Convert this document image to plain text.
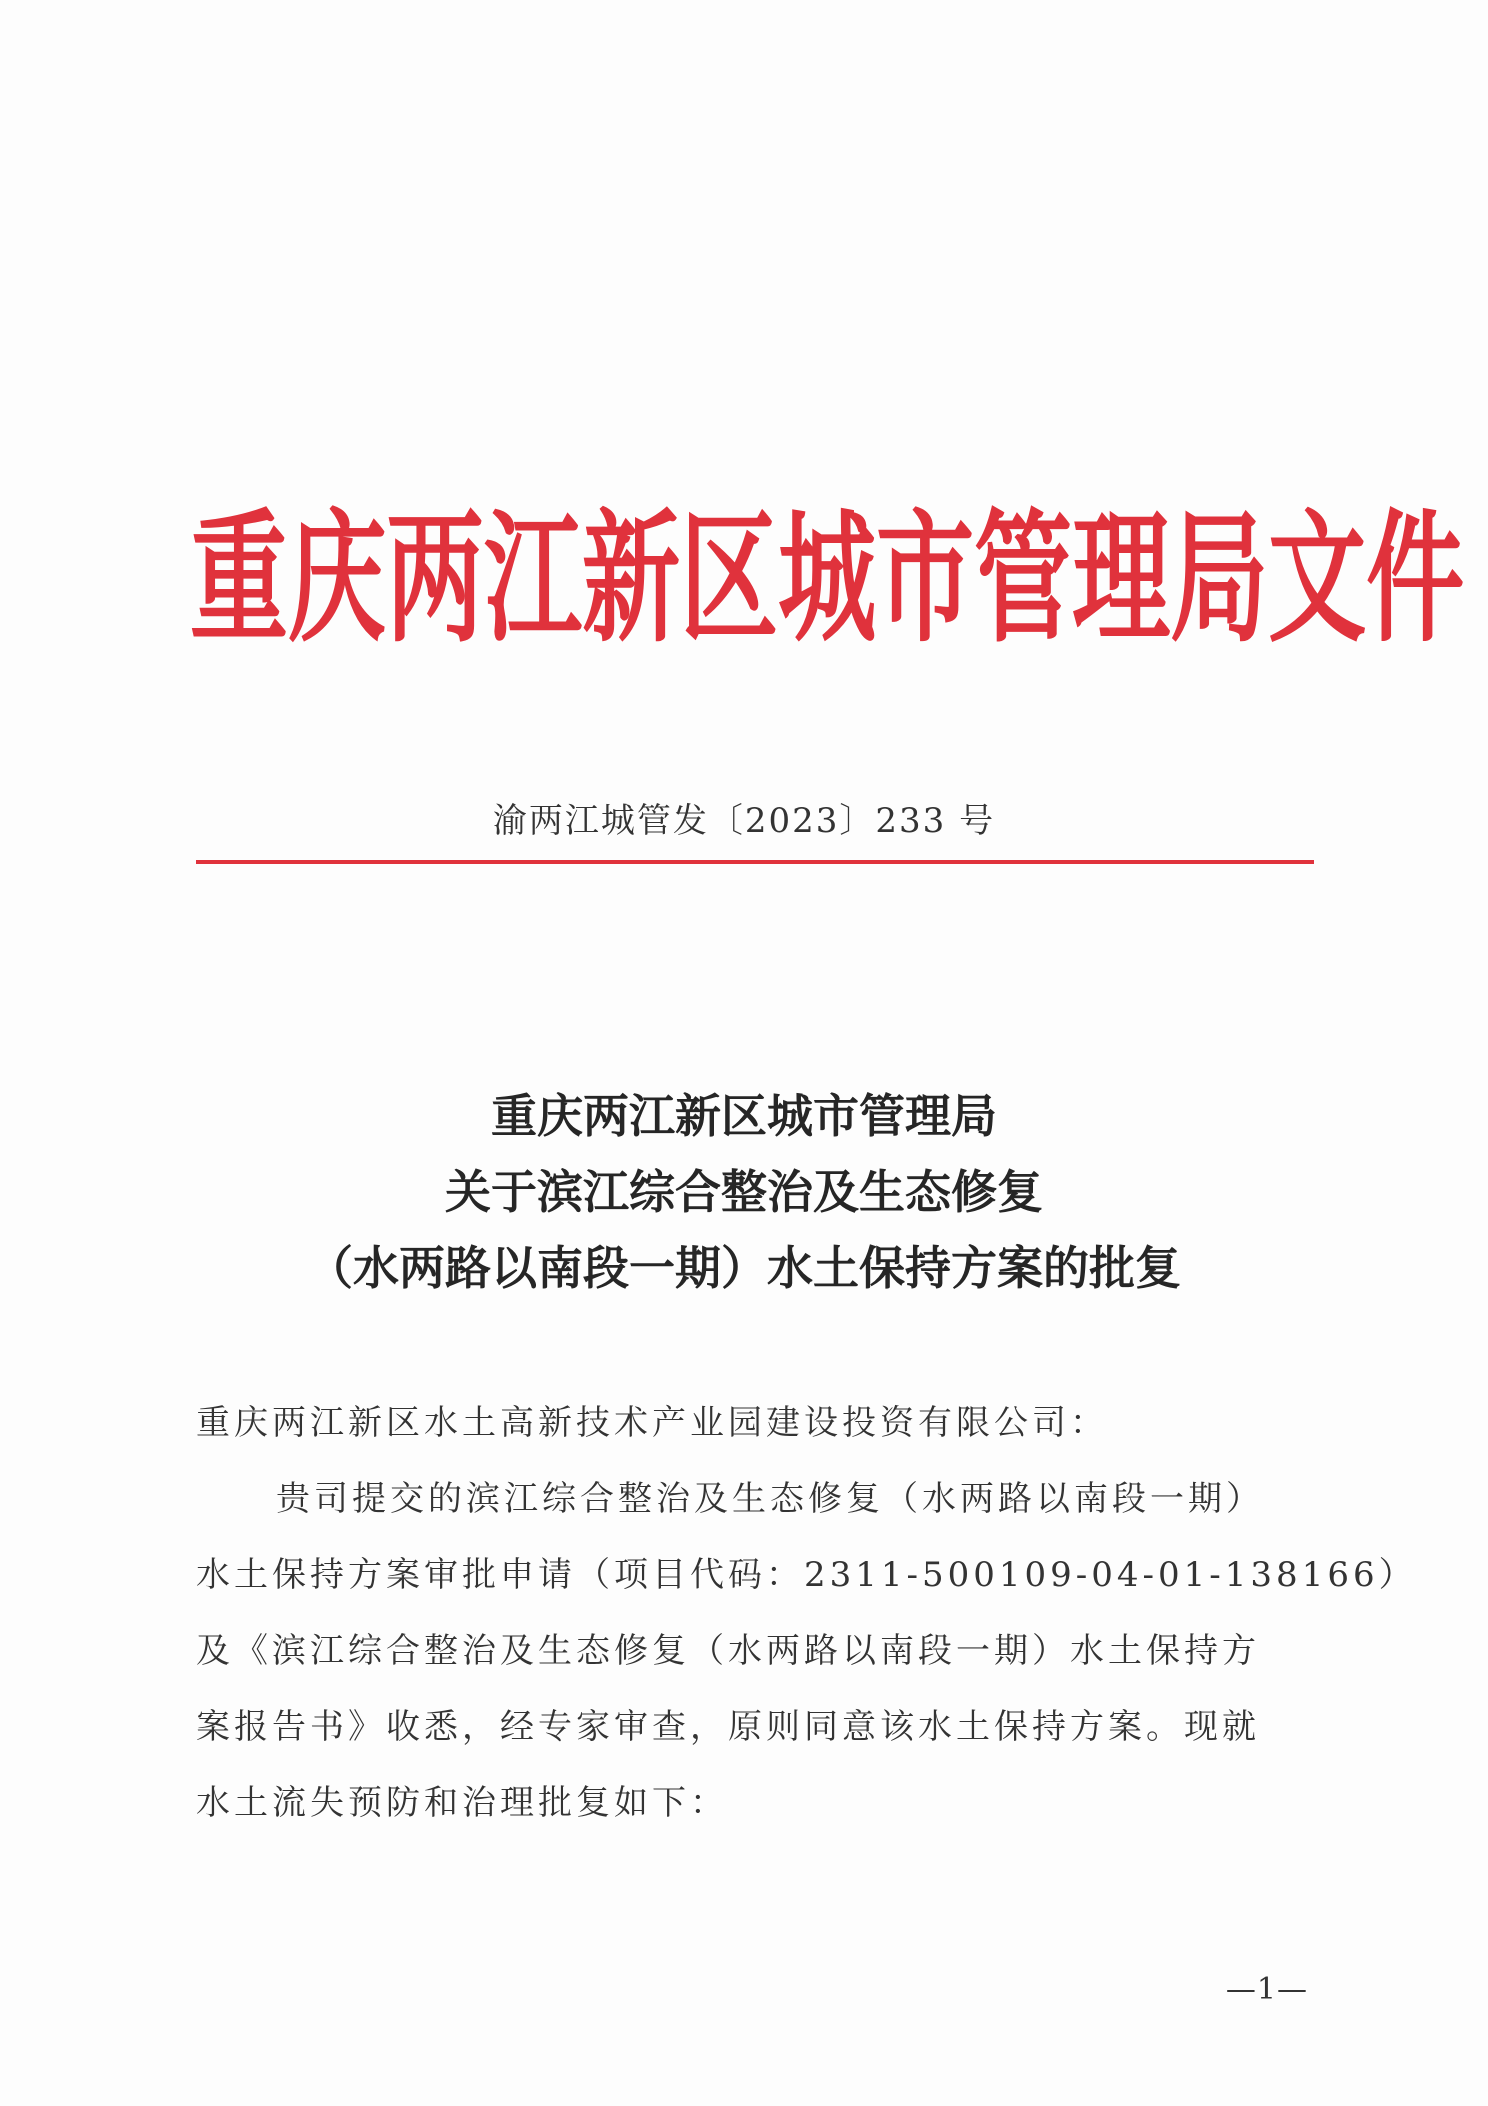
重 庆 两 江 新 区 城 市 管 理 局 文 件
渝两江城管发〔2023〕233 号
重庆两江新区城市管理局
关于滨江综合整治及生态修复
（水两路以南段一期）水土保持方案的批复
重庆两江新区水土高新技术产业园建设投资有限公司：
贵司提交的滨江综合整治及生态修复（水两路以南段一期）
水土保持方案审批申请（项目代码：2311-500109-04-01-138166）
及《滨江综合整治及生态修复（水两路以南段一期）水土保持方
案报告书》收悉，经专家审查，原则同意该水土保持方案。现就
水土流失预防和治理批复如下：
—1—
